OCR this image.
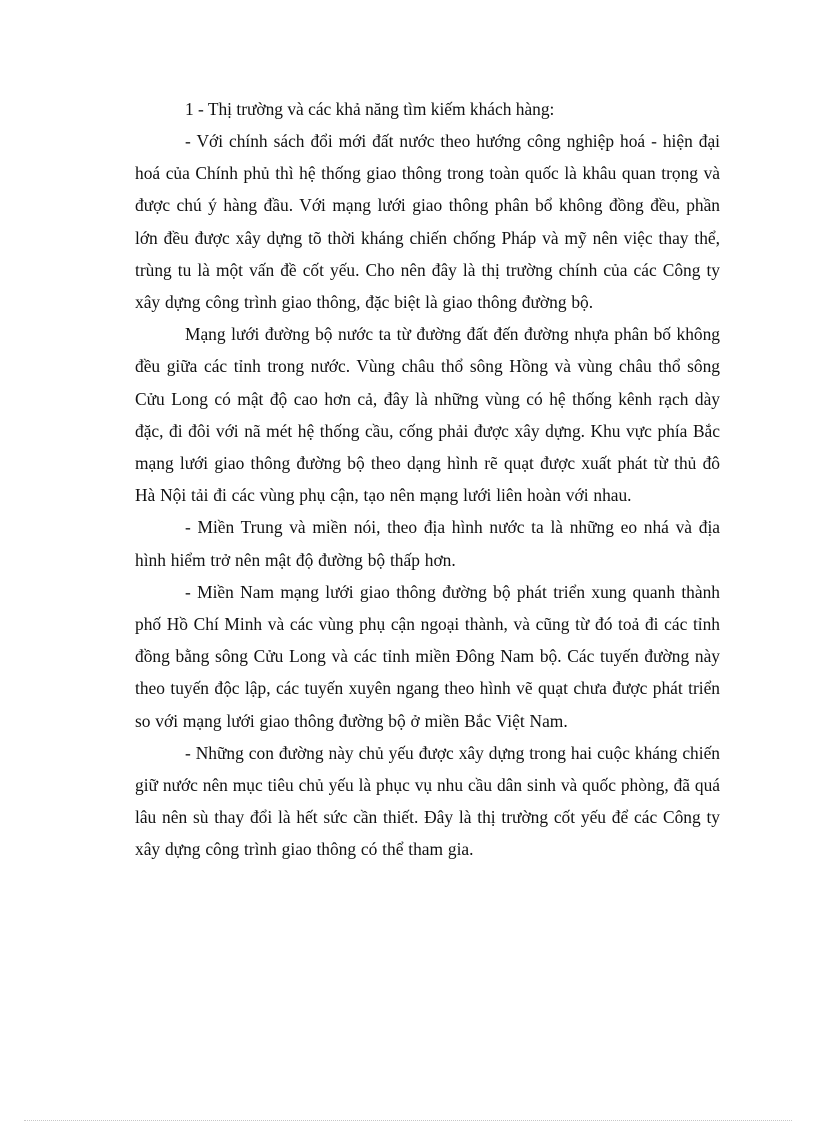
1 - Thị trường và các khả năng tìm kiếm khách hàng:

- Với chính sách đổi mới đất nước theo hướng công nghiệp hoá - hiện đại hoá của Chính phủ thì hệ thống giao thông trong toàn quốc là khâu quan trọng và được chú ý hàng đầu. Với mạng lưới giao thông phân bổ không đồng đều, phần lớn đều được xây dựng tõ thời kháng chiến chống Pháp và mỹ nên việc thay thể, trùng tu là một vấn đề cốt yếu. Cho nên đây là thị trường chính của các Công ty xây dựng công trình giao thông, đặc biệt là giao thông đường bộ.

Mạng lưới đường bộ nước ta từ đường đất đến đường nhựa phân bố không đều giữa các tỉnh trong nước. Vùng châu thổ sông Hồng và vùng châu thổ sông Cửu Long có mật độ cao hơn cả, đây là những vùng có hệ thống kênh rạch dày đặc, đi đôi với nã mét hệ thống cầu, cống phải được xây dựng. Khu vực phía Bắc mạng lưới giao thông đường bộ theo dạng hình rẽ quạt được xuất phát từ thủ đô Hà Nội tải đi các vùng phụ cận, tạo nên mạng lưới liên hoàn với nhau.

- Miền Trung và miền nói, theo địa hình nước ta là những eo nhá và địa hình hiểm trở nên mật độ đường bộ thấp hơn.

- Miền Nam mạng lưới giao thông đường bộ phát triển xung quanh thành phố Hồ Chí Minh và các vùng phụ cận ngoại thành, và cũng từ đó toả đi các tỉnh đồng bằng sông Cửu Long và các tỉnh miền Đông Nam bộ. Các tuyến đường này theo tuyến độc lập, các tuyến xuyên ngang theo hình vẽ quạt chưa được phát triển so với mạng lưới giao thông đường bộ ở miền Bắc Việt Nam.

- Những con đường này chủ yếu được xây dựng trong hai cuộc kháng chiến giữ nước nên mục tiêu chủ yếu là phục vụ nhu cầu dân sinh và quốc phòng, đã quá lâu nên sù thay đổi là hết sức cần thiết. Đây là thị trường cốt yếu để các Công ty xây dựng công trình giao thông có thể tham gia.
